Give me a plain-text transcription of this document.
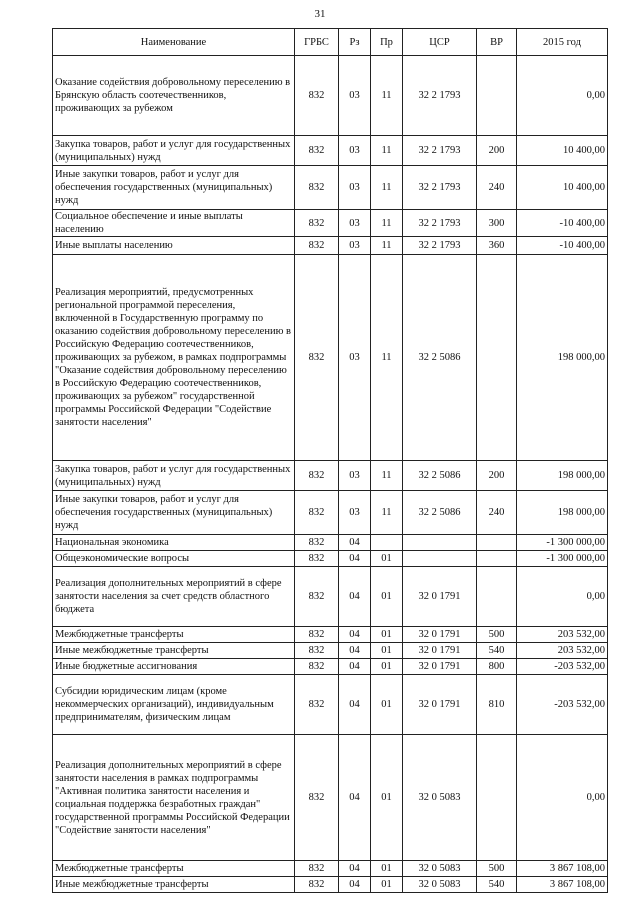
31
Наименование	ГРБС	Рз	Пр	ЦСР	ВР	2015 год
Оказание содействия добровольному переселению в Брянскую область соотечественников, проживающих за рубежом	832	03	11	32 2 1793		0,00
Закупка товаров, работ и услуг для государственных (муниципальных) нужд	832	03	11	32 2 1793	200	10 400,00
Иные закупки товаров, работ и услуг для обеспечения государственных (муниципальных) нужд	832	03	11	32 2 1793	240	10 400,00
Социальное обеспечение и иные выплаты населению	832	03	11	32 2 1793	300	-10 400,00
Иные выплаты населению	832	03	11	32 2 1793	360	-10 400,00
Реализация мероприятий, предусмотренных региональной программой переселения, включенной в Государственную программу по оказанию содействия добровольному переселению в Российскую Федерацию соотечественников, проживающих за рубежом, в рамках подпрограммы "Оказание содействия добровольному переселению в Российскую Федерацию соотечественников, проживающих за рубежом" государственной программы Российской Федерации "Содействие занятости населения"	832	03	11	32 2 5086		198 000,00
Закупка товаров, работ и услуг для государственных (муниципальных) нужд	832	03	11	32 2 5086	200	198 000,00
Иные закупки товаров, работ и услуг для обеспечения государственных (муниципальных) нужд	832	03	11	32 2 5086	240	198 000,00
Национальная экономика	832	04				-1 300 000,00
Общеэкономические вопросы	832	04	01			-1 300 000,00
Реализация дополнительных мероприятий в сфере занятости населения за счет средств областного бюджета	832	04	01	32 0 1791		0,00
Межбюджетные трансферты	832	04	01	32 0 1791	500	203 532,00
Иные межбюджетные трансферты	832	04	01	32 0 1791	540	203 532,00
Иные бюджетные ассигнования	832	04	01	32 0 1791	800	-203 532,00
Субсидии юридическим лицам (кроме некоммерческих организаций), индивидуальным предпринимателям, физическим лицам	832	04	01	32 0 1791	810	-203 532,00
Реализация дополнительных мероприятий в сфере занятости населения в рамках подпрограммы "Активная политика занятости населения и социальная поддержка безработных граждан" государственной программы Российской Федерации "Содействие занятости населения"	832	04	01	32 0 5083		0,00
Межбюджетные трансферты	832	04	01	32 0 5083	500	3 867 108,00
Иные межбюджетные трансферты	832	04	01	32 0 5083	540	3 867 108,00
